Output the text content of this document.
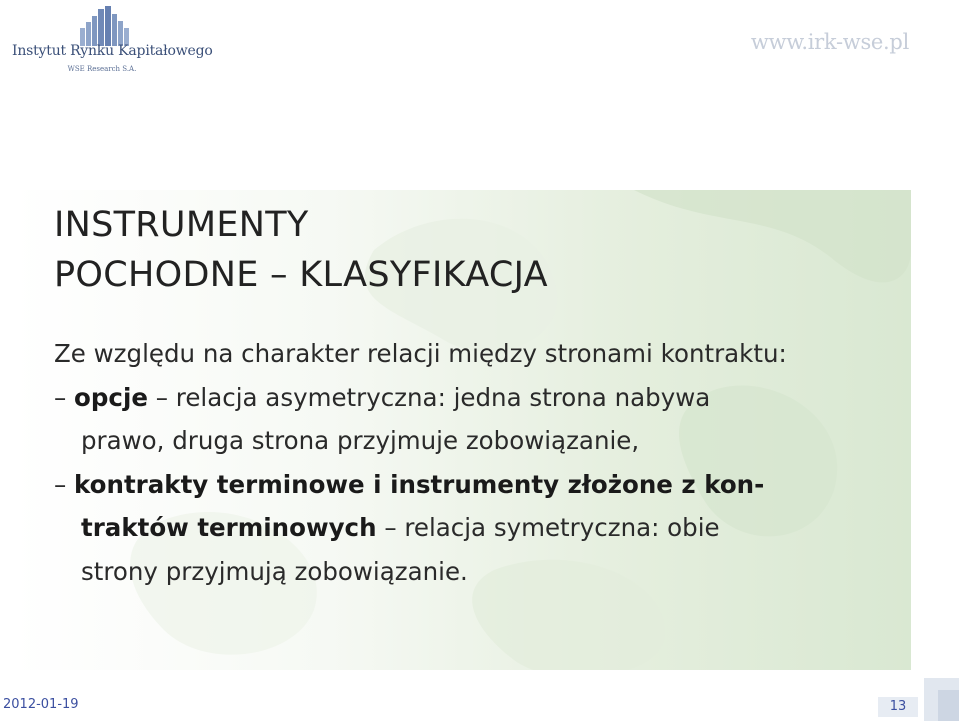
Instytut Rynku Kapitałowego
WSE Research S.A.
www.irk-wse.pl
INSTRUMENTY
POCHODNE – KLASYFIKACJA
Ze względu na charakter relacji między stronami kontraktu:
– opcje – relacja asymetryczna: jedna strona nabywa
prawo, druga strona przyjmuje zobowiązanie,
– kontrakty terminowe i instrumenty złożone z kon-
traktów terminowych – relacja symetryczna: obie
strony przyjmują zobowiązanie.
2012-01-19	13
